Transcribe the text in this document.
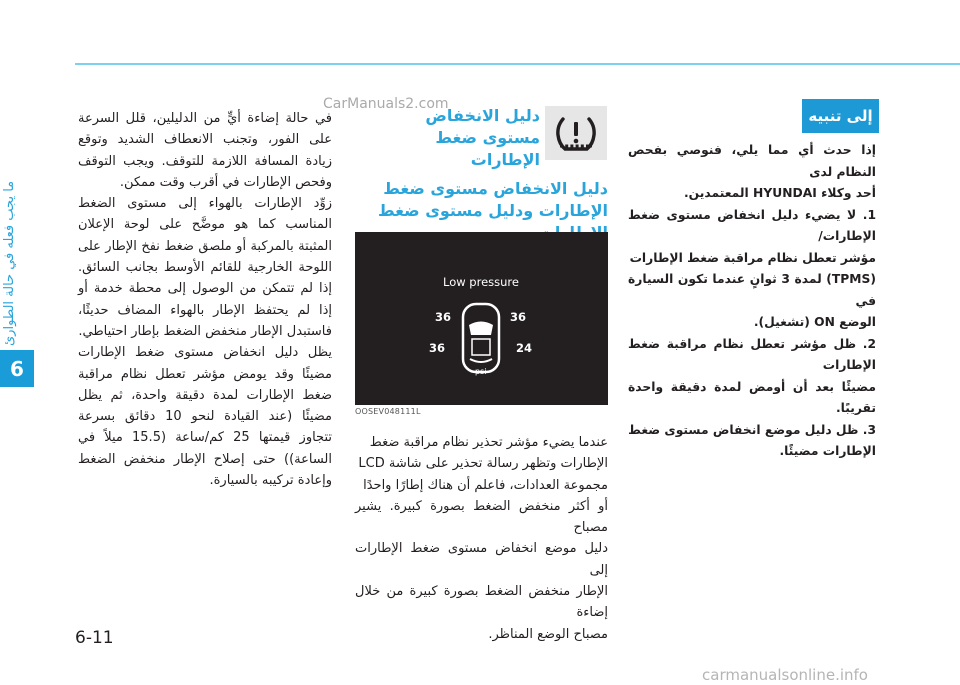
ما يجب فعله في حالة الطوارئ
6
CarManuals2.com
إلى تنبيه
إذا حدث أي مما يلي، فنوصي بفحص النظام لدى
أحد وكلاء HYUNDAI المعتمدين.
1. لا يضيء دليل انخفاض مستوى ضغط الإطارات/
مؤشر تعطل نظام مراقبة ضغط الإطارات
(TPMS) لمدة 3 ثوانٍ عندما تكون السيارة في
الوضع ON (تشغيل).
2. ظل مؤشر تعطل نظام مراقبة ضغط الإطارات
مضيئًا بعد أن أومض لمدة دقيقة واحدة تقريبًا.
3. ظل دليل موضع انخفاض مستوى ضغط
الإطارات مضيئًا.
دليل الانخفاض مستوى ضغط الإطارات
دليل الانخفاض مستوى ضغط الإطارات ودليل مستوى ضغط
Low pressure
36	36
36	24
psi
OOSEV048111L

عندما يضيء مؤشر تحذير نظام مراقبة ضغط

الإطارات وتظهر رسالة تحذير على شاشة LCD

مجموعة العدادات، فاعلم أن هناك إطارًا واحدًا

أو أكثر منخفض الضغط بصورة كبيرة. يشير مصباح

دليل موضع انخفاض مستوى ضغط الإطارات إلى

الإطار منخفض الضغط بصورة كبيرة من خلال إضاءة

مصباح الوضع المناظر.

في حالة إضاءة أيٍّ من الدليلين، قلل السرعة على الفور، وتجنب الانعطاف الشديد وتوقع زيادة المسافة اللازمة للتوقف. ويجب التوقف وفحص الإطارات في أقرب وقت ممكن.

زوِّد الإطارات بالهواء إلى مستوى الضغط المناسب كما هو موضَّح على لوحة الإعلان المثبتة بالمركبة أو ملصق ضغط نفخ الإطار على اللوحة الخارجية للقائم الأوسط بجانب السائق. إذا لم تتمكن من الوصول إلى محطة خدمة أو إذا لم يحتفظ الإطار بالهواء المضاف حديثًا، فاستبدل الإطار منخفض الضغط بإطار احتياطي.

يظل دليل انخفاض مستوى ضغط الإطارات مضيئًا وقد يومض مؤشر تعطل نظام مراقبة ضغط الإطارات لمدة دقيقة واحدة، ثم يظل مضيئًا (عند القيادة لنحو 10 دقائق بسرعة تتجاوز قيمتها 25 كم/ساعة (15.5 ميلاً في الساعة)) حتى إصلاح الإطار منخفض الضغط وإعادة تركيبه بالسيارة.

6-11
carmanualsonline.info
